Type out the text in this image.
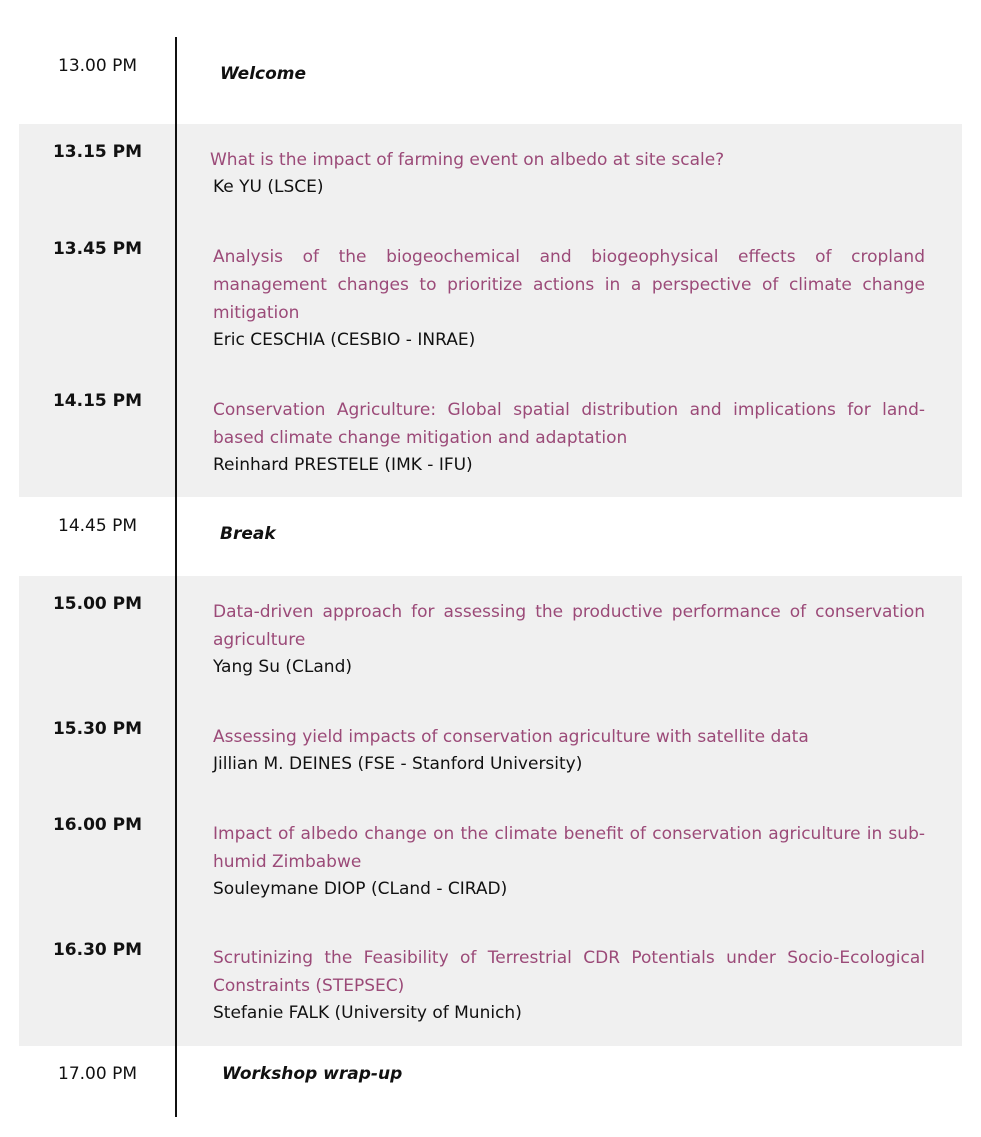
13.00 PM	Welcome
13.15 PM	What is the impact of farming event on albedo at site scale?
Ke YU (LSCE)
13.45 PM	Analysis of the biogeochemical and biogeophysical effects of cropland management changes to prioritize actions in a perspective of climate change mitigation
Eric CESCHIA (CESBIO - INRAE)
14.15 PM	Conservation Agriculture: Global spatial distribution and implications for land-based climate change mitigation and adaptation
Reinhard PRESTELE (IMK - IFU)
14.45 PM	Break
15.00 PM	Data-driven approach for assessing the productive performance of conservation agriculture
Yang Su (CLand)
15.30 PM	Assessing yield impacts of conservation agriculture with satellite data
Jillian M. DEINES (FSE - Stanford University)
16.00 PM	Impact of albedo change on the climate benefit of conservation agriculture in sub-humid Zimbabwe
Souleymane DIOP (CLand - CIRAD)
16.30 PM	Scrutinizing the Feasibility of Terrestrial CDR Potentials under Socio-Ecological Constraints (STEPSEC)
Stefanie FALK (University of Munich)
17.00 PM	Workshop wrap-up
